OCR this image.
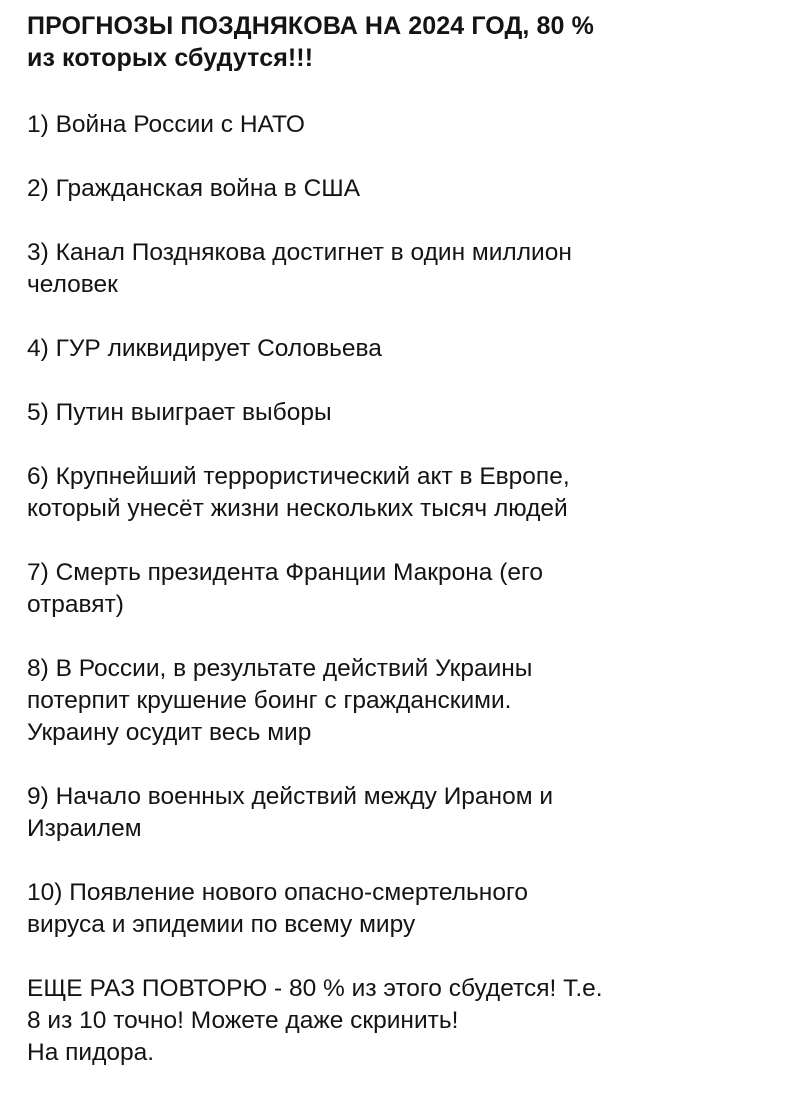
ПРОГНОЗЫ ПОЗДНЯКОВА НА 2024 ГОД, 80 %
из которых сбудутся!!!
1) Война России с НАТО
2) Гражданская война в США
3) Канал Позднякова достигнет в один миллион
человек
4) ГУР ликвидирует Соловьева
5) Путин выиграет выборы
6) Крупнейший террористический акт в Европе,
который унесёт жизни нескольких тысяч людей
7) Смерть президента Франции Макрона (его
отравят)
8) В России, в результате действий Украины
потерпит крушение боинг с гражданскими.
Украину осудит весь мир
9) Начало военных действий между Ираном и
Израилем
10) Появление нового опасно-смертельного
вируса и эпидемии по всему миру
ЕЩЕ РАЗ ПОВТОРЮ - 80 % из этого сбудется! Т.е.
8 из 10 точно! Можете даже скринить!
На пидора.
